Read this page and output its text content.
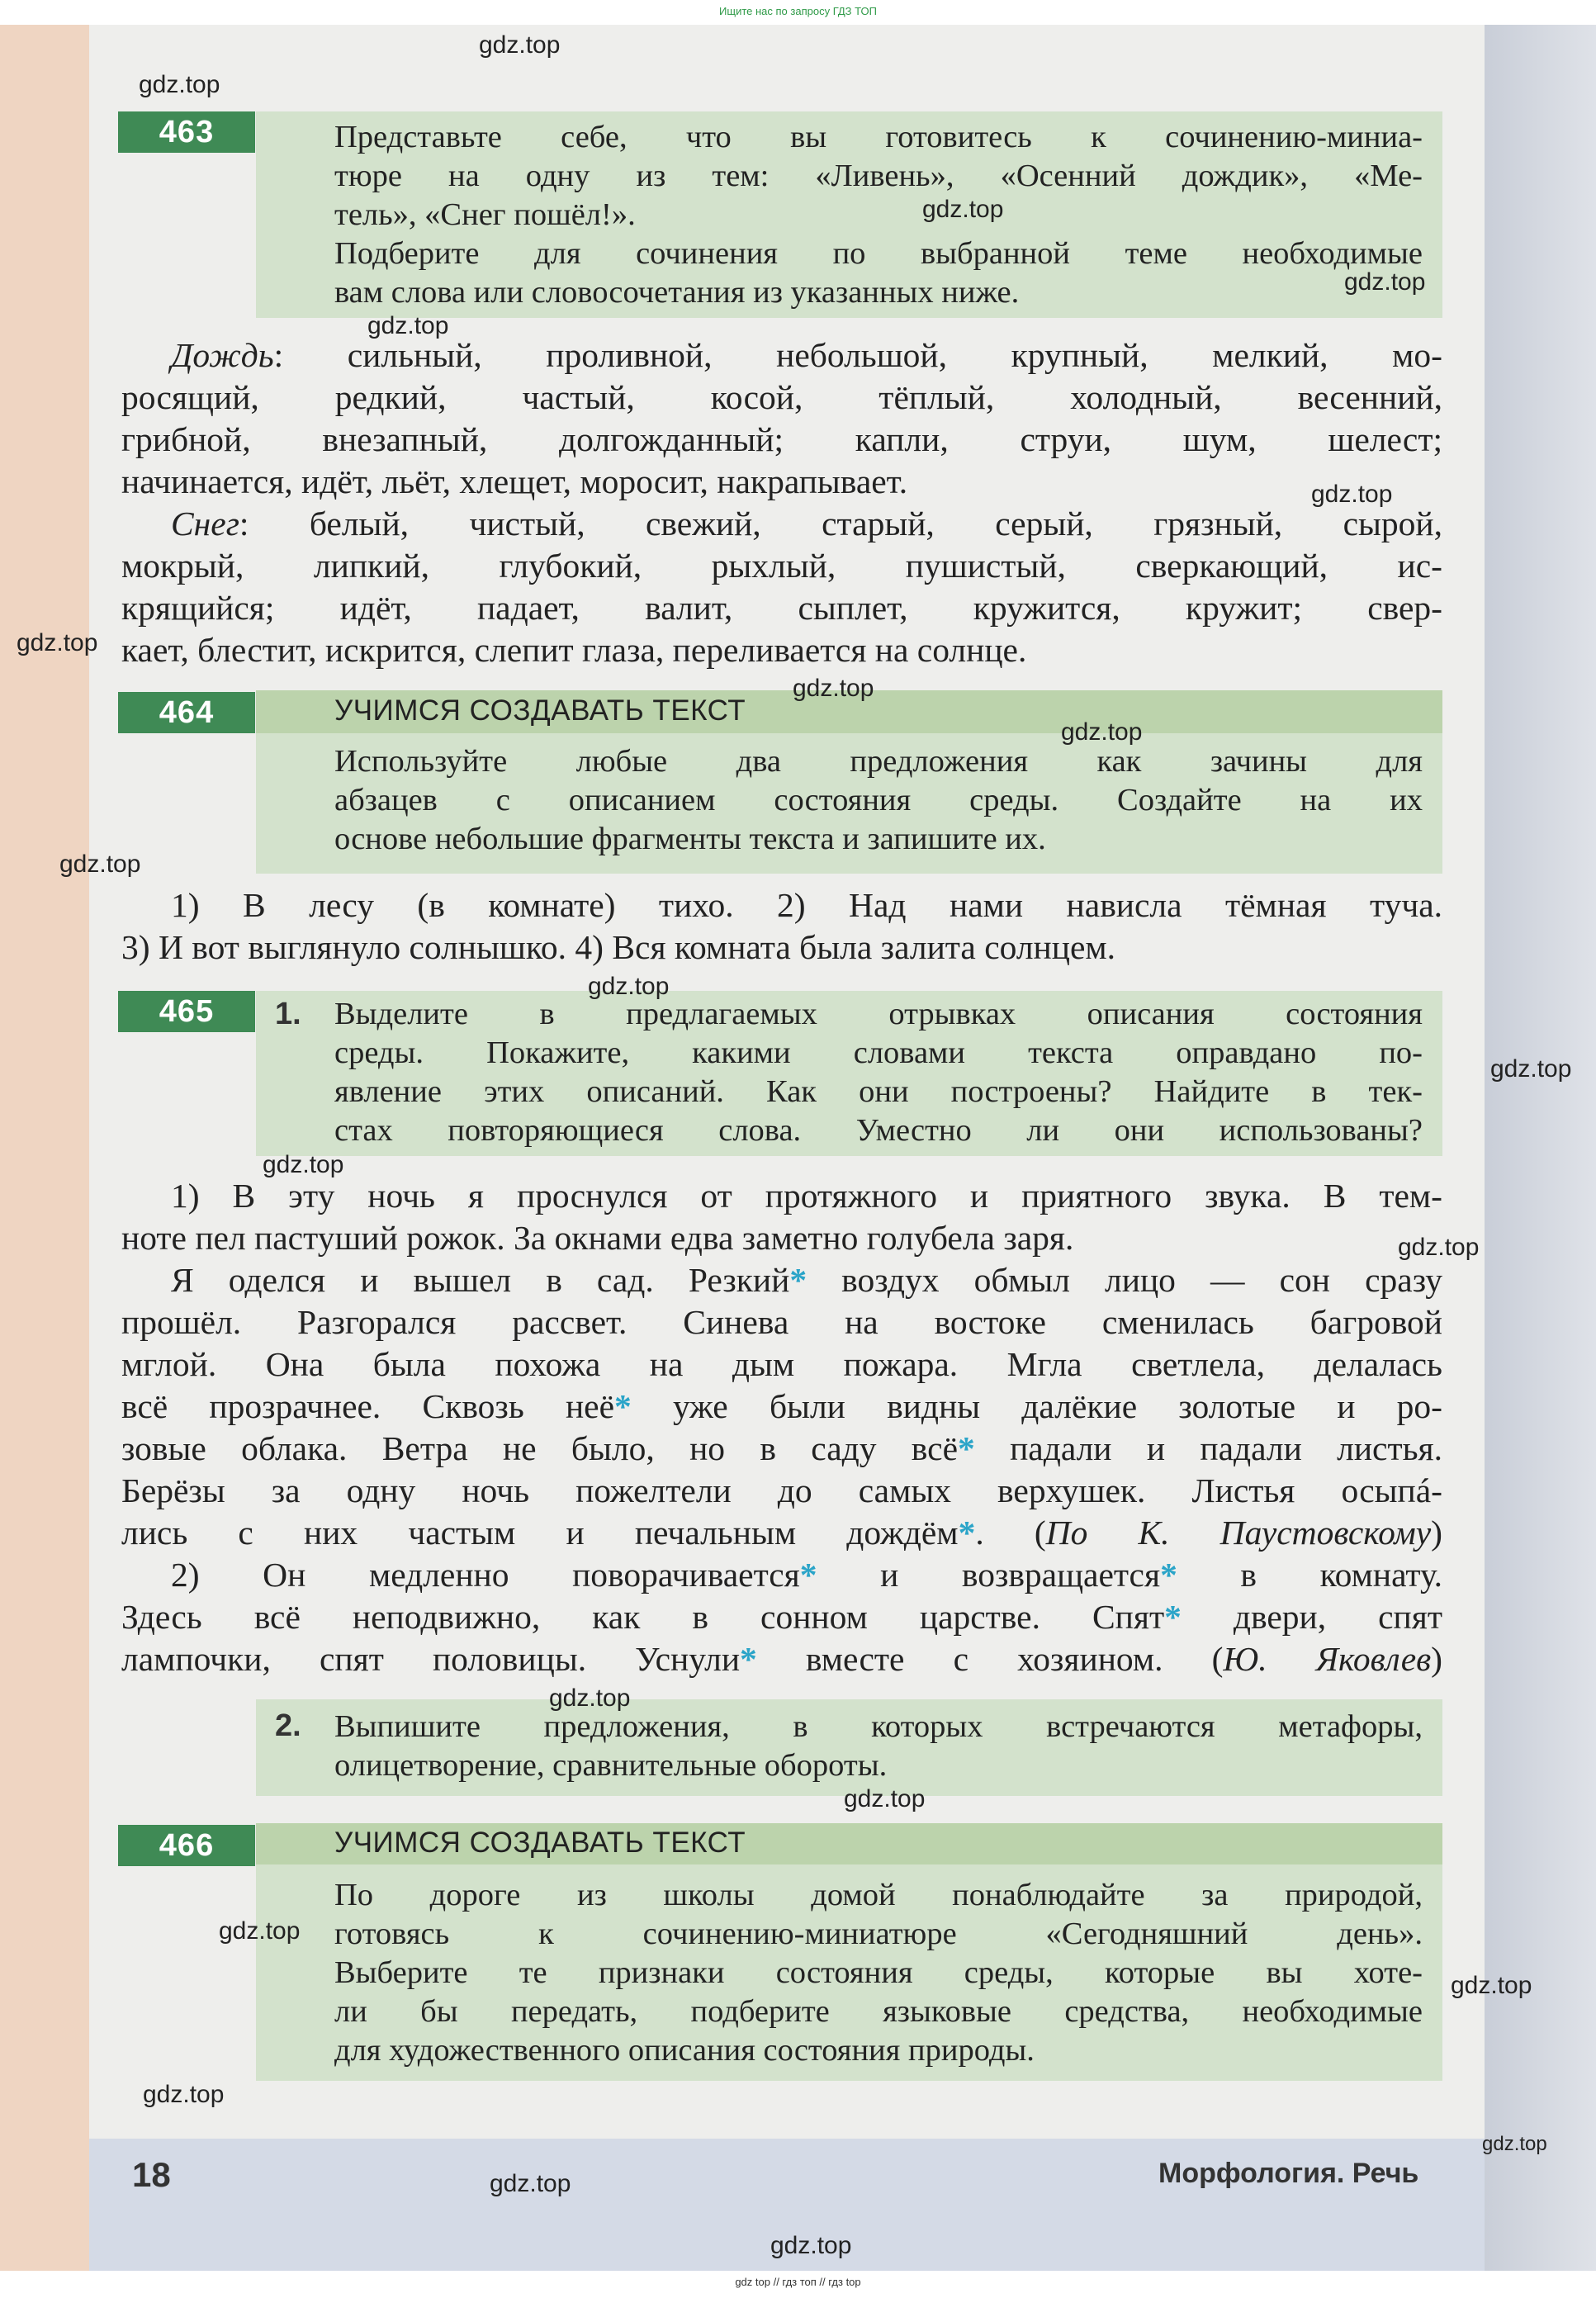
Ищите нас по запросу ГДЗ ТОП
463	Представьте себе, что вы готовитесь к сочинению-миниа-
тюре на одну из тем: «Ливень», «Осенний дождик», «Ме-
тель», «Снег пошёл!».
Подберите для сочинения по выбранной теме необходимые
вам слова или словосочетания из указанных ниже.
Дождь: сильный, проливной, небольшой, крупный, мелкий, мо-
росящий, редкий, частый, косой, тёплый, холодный, весенний,
грибной, внезапный, долгожданный; капли, струи, шум, шелест;
начинается, идёт, льёт, хлещет, моросит, накрапывает.
Снег: белый, чистый, свежий, старый, серый, грязный, сырой,
мокрый, липкий, глубокий, рыхлый, пушистый, сверкающий, ис-
крящийся; идёт, падает, валит, сыплет, кружится, кружит; свер-
кает, блестит, искрится, слепит глаза, переливается на солнце.
464	УЧИМСЯ СОЗДАВАТЬ ТЕКСТ
Используйте любые два предложения как зачины для
абзацев с описанием состояния среды. Создайте на их
основе небольшие фрагменты текста и запишите их.
1) В лесу (в комнате) тихо. 2) Над нами нависла тёмная туча.
3) И вот выглянуло солнышко. 4) Вся комната была залита солнцем.
465	1. Выделите в предлагаемых отрывках описания состояния
среды. Покажите, какими словами текста оправдано по-
явление этих описаний. Как они построены? Найдите в тек-
стах повторяющиеся слова. Уместно ли они использованы?
1) В эту ночь я проснулся от протяжного и приятного звука. В тем-
ноте пел пастуший рожок. За окнами едва заметно голубела заря.
Я оделся и вышел в сад. Резкий* воздух обмыл лицо — сон сразу
прошёл. Разгорался рассвет. Синева на востоке сменилась багровой
мглой. Она была похожа на дым пожара. Мгла светлела, делалась
всё прозрачнее. Сквозь неё* уже были видны далёкие золотые и ро-
зовые облака. Ветра не было, но в саду всё* падали и падали листья.
Берёзы за одну ночь пожелтели до самых верхушек. Листья осыпá-
лись с них частым и печальным дождём*. (По К. Паустовскому)
2) Он медленно поворачивается* и возвращается* в комнату.
Здесь всё неподвижно, как в сонном царстве. Спят* двери, спят
лампочки, спят половицы. Уснули* вместе с хозяином. (Ю. Яковлев)
2. Выпишите предложения, в которых встречаются метафоры,
олицетворение, сравнительные обороты.
466	УЧИМСЯ СОЗДАВАТЬ ТЕКСТ
По дороге из школы домой понаблюдайте за природой,
готовясь к сочинению-миниатюре «Сегодняшний день».
Выберите те признаки состояния среды, которые вы хоте-
ли бы передать, подберите языковые средства, необходимые
для художественного описания состояния природы.
18	Морфология. Речь
gdz top // гдз топ // гдз top
gdz.top
gdz.top
gdz.top
gdz.top
gdz.top
gdz.top
gdz.top
gdz.top
gdz.top
gdz.top
gdz.top
gdz.top
gdz.top
gdz.top
gdz.top
gdz.top
gdz.top
gdz.top
gdz.top
gdz.top
gdz.top
gdz.top
